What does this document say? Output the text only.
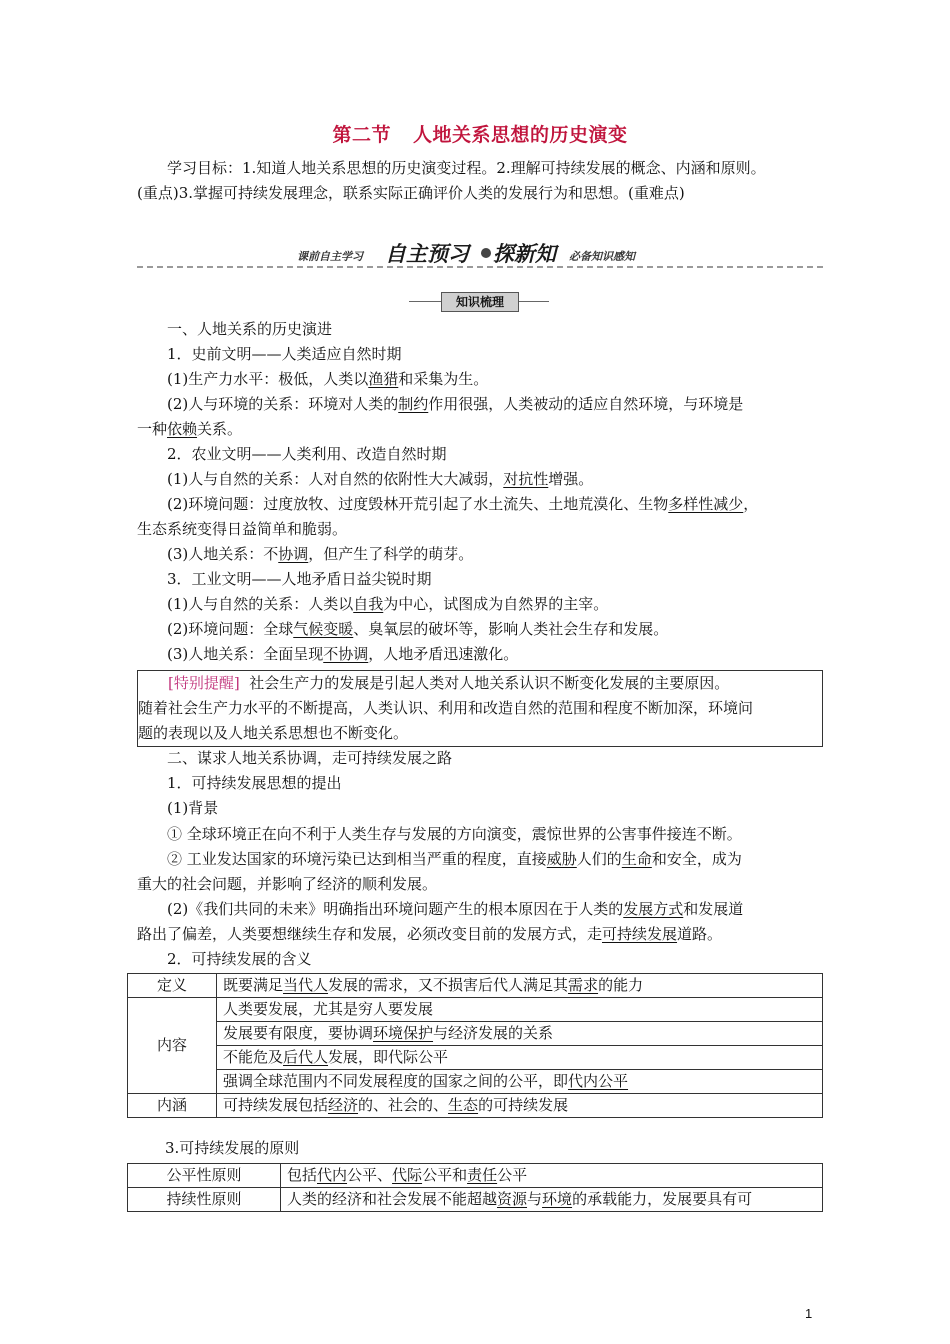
第二节 人地关系思想的历史演变
学习目标：1.知道人地关系思想的历史演变过程。2.理解可持续发展的概念、内涵和原则。
(重点)3.掌握可持续发展理念，联系实际正确评价人类的发展行为和思想。(重难点)
课前自主学习 自主预习 探新知 必备知识感知
知识梳理
一、人地关系的历史演进
1．史前文明——人类适应自然时期
(1)生产力水平：极低，人类以渔猎和采集为生。
(2)人与环境的关系：环境对人类的制约作用很强，人类被动的适应自然环境，与环境是
一种依赖关系。
2．农业文明——人类利用、改造自然时期
(1)人与自然的关系：人对自然的依附性大大减弱，对抗性增强。
(2)环境问题：过度放牧、过度毁林开荒引起了水土流失、土地荒漠化、生物多样性减少，
生态系统变得日益简单和脆弱。
(3)人地关系：不协调，但产生了科学的萌芽。
3．工业文明——人地矛盾日益尖锐时期
(1)人与自然的关系：人类以自我为中心，试图成为自然界的主宰。
(2)环境问题：全球气候变暖、臭氧层的破坏等，影响人类社会生存和发展。
(3)人地关系：全面呈现不协调，人地矛盾迅速激化。
[特别提醒] 社会生产力的发展是引起人类对人地关系认识不断变化发展的主要原因。
随着社会生产力水平的不断提高，人类认识、利用和改造自然的范围和程度不断加深，环境问
题的表现以及人地关系思想也不断变化。
二、谋求人地关系协调，走可持续发展之路
1．可持续发展思想的提出
(1)背景
① 全球环境正在向不利于人类生存与发展的方向演变，震惊世界的公害事件接连不断。
② 工业发达国家的环境污染已达到相当严重的程度，直接威胁人们的生命和安全，成为
重大的社会问题，并影响了经济的顺利发展。
(2)《我们共同的未来》明确指出环境问题产生的根本原因在于人类的发展方式和发展道
路出了偏差，人类要想继续生存和发展，必须改变目前的发展方式，走可持续发展道路。
2．可持续发展的含义
定义	既要满足当代人发展的需求，又不损害后代人满足其需求的能力
内容	人类要发展，尤其是穷人要发展
	发展要有限度，要协调环境保护与经济发展的关系
	不能危及后代人发展，即代际公平
	强调全球范围内不同发展程度的国家之间的公平，即代内公平
内涵	可持续发展包括经济的、社会的、生态的可持续发展
3.可持续发展的原则
公平性原则	包括代内公平、代际公平和责任公平
持续性原则	人类的经济和社会发展不能超越资源与环境的承载能力，发展要具有可
1
